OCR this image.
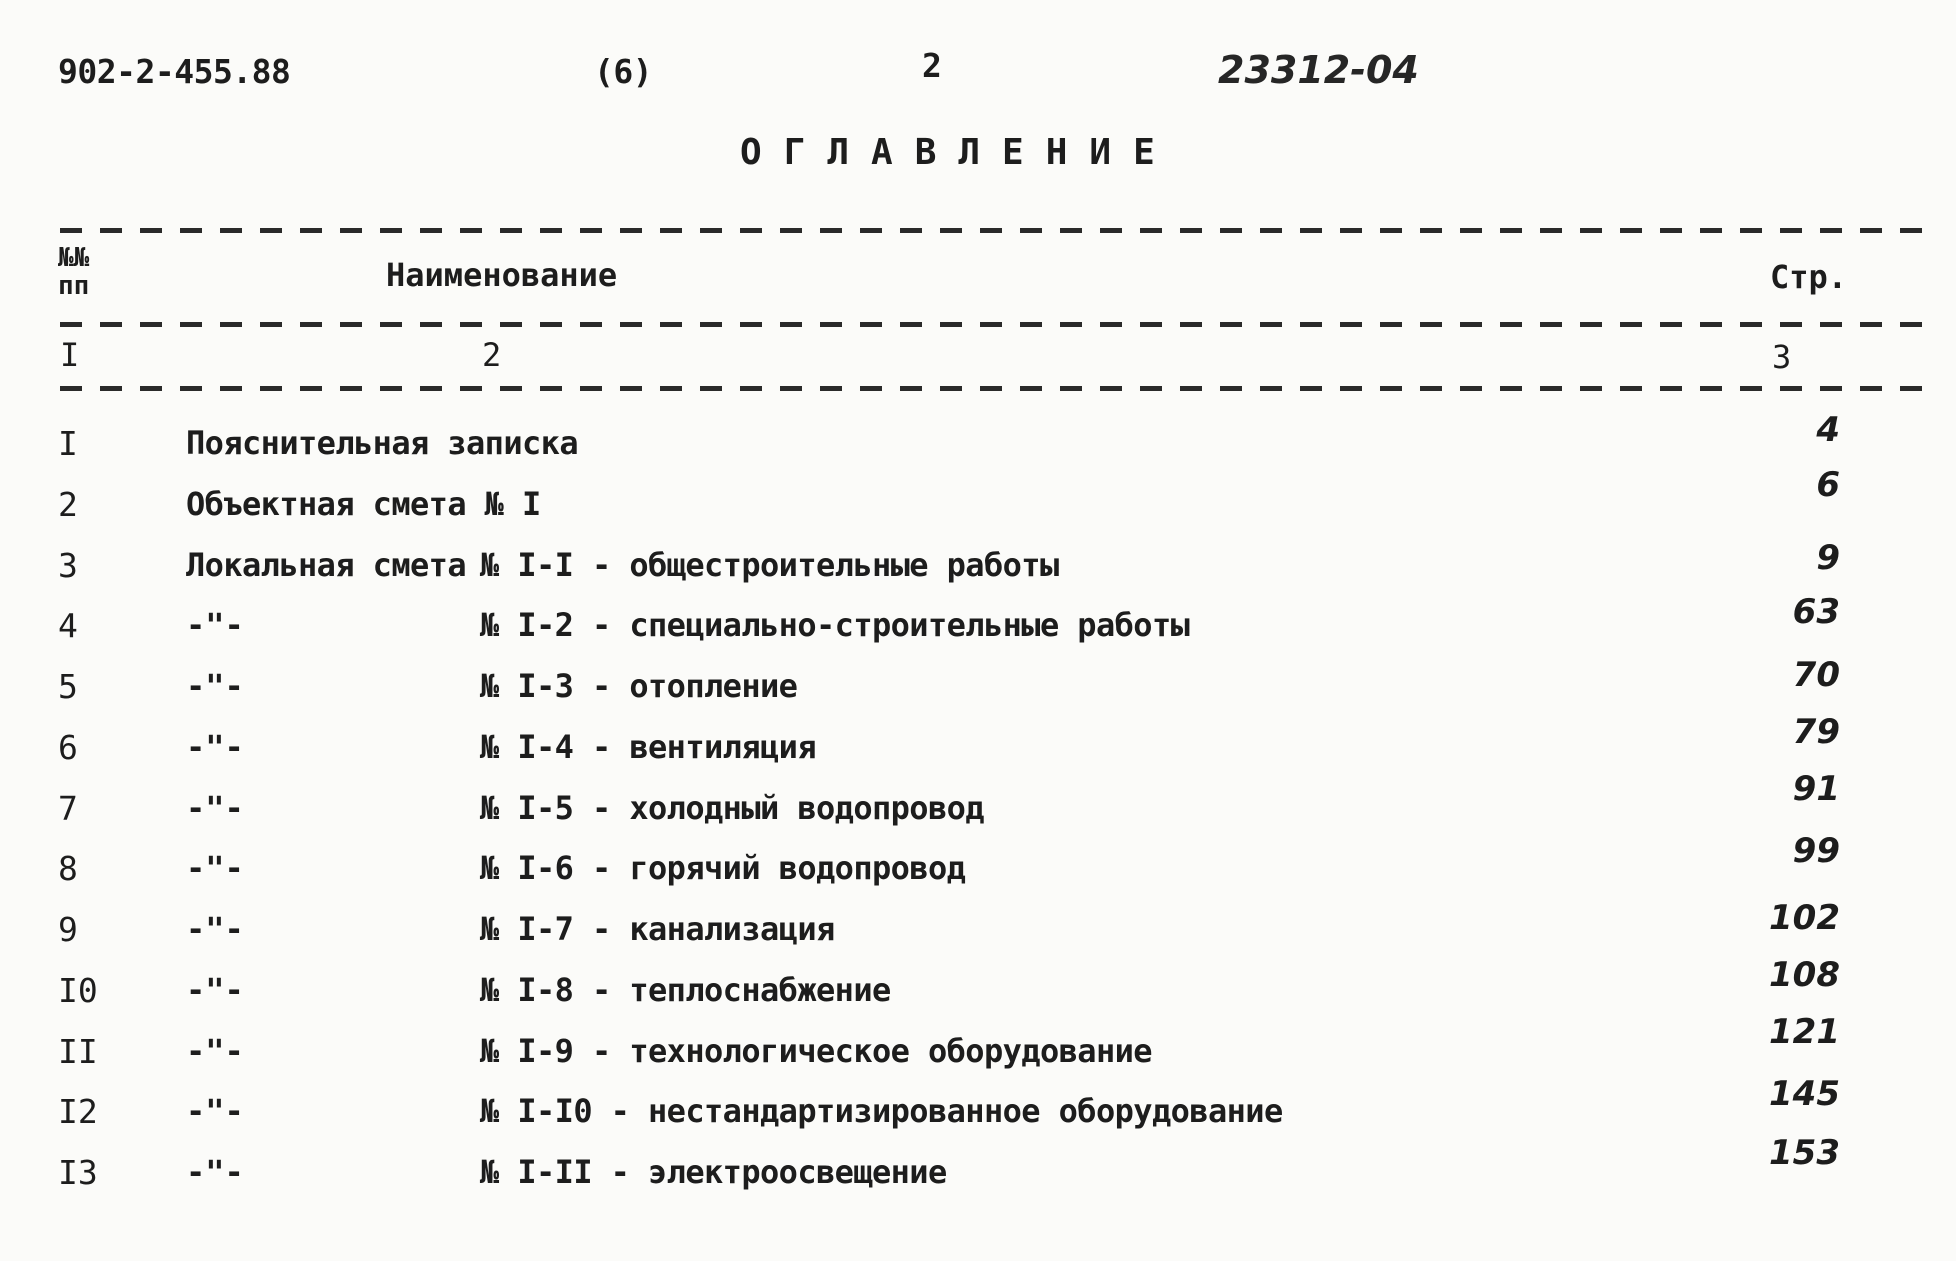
902-2-455.88	(6)	2	23312-04
ОГЛАВЛЕНИЕ
№№ пп	Наименование	Стр.
I	2	3
I	Пояснительная записка	4
2	Объектная смета № I	6
3	Локальная смета № I-I - общестроительные работы	9
4	-"-	№ I-2 - специально-строительные работы	63
5	-"-	№ I-3 - отопление	70
6	-"-	№ I-4 - вентиляция	79
7	-"-	№ I-5 - холодный водопровод	91
8	-"-	№ I-6 - горячий водопровод	99
9	-"-	№ I-7 - канализация	102
I0	-"-	№ I-8 - теплоснабжение	108
II	-"-	№ I-9 - технологическое оборудование	121
I2	-"-	№ I-I0 - нестандартизированное оборудование	145
I3	-"-	№ I-II - электроосвещение	153
